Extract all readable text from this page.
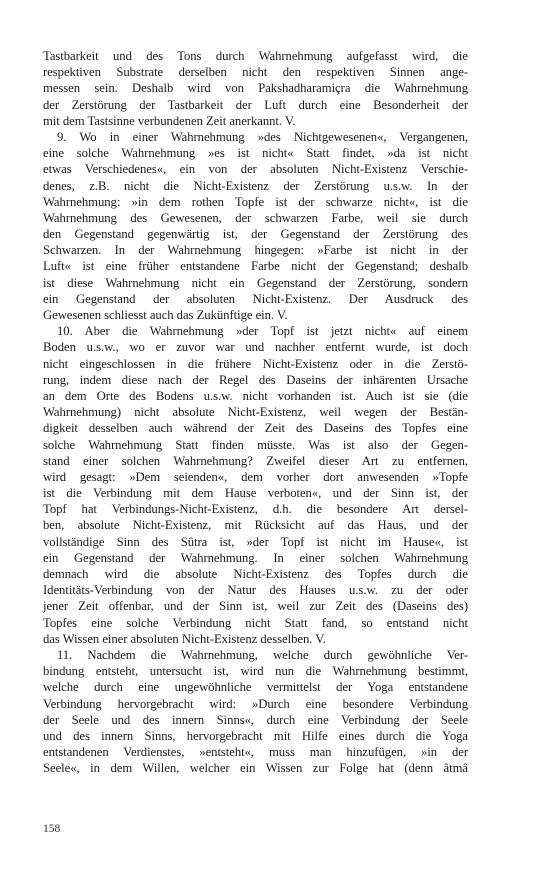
Tastbarkeit und des Tons durch Wahrnehmung aufgefasst wird, die
respektiven Substrate derselben nicht den respektiven Sinnen ange-
messen sein. Deshalb wird von Pakshadharamiçra die Wahrnehmung
der Zerstörung der Tastbarkeit der Luft durch eine Besonderheit der
mit dem Tastsinne verbundenen Zeit anerkannt. V.
9. Wo in einer Wahrnehmung »des Nichtgewesenen«, Vergangenen,
eine solche Wahrnehmung »es ist nicht« Statt findet, »da ist nicht
etwas Verschiedenes«, ein von der absoluten Nicht-Existenz Verschie-
denes, z.B. nicht die Nicht-Existenz der Zerstörung u.s.w. In der
Wahrnehmung: »in dem rothen Topfe ist der schwarze nicht«, ist die
Wahrnehmung des Gewesenen, der schwarzen Farbe, weil sie durch
den Gegenstand gegenwärtig ist, der Gegenstand der Zerstörung des
Schwarzen. In der Wahrnehmung hingegen: »Farbe ist nicht in der
Luft« ist eine früher entstandene Farbe nicht der Gegenstand; deshalb
ist diese Wahrnehmung nicht ein Gegenstand der Zerstörung, sondern
ein Gegenstand der absoluten Nicht-Existenz. Der Ausdruck des
Gewesenen schliesst auch das Zukünftige ein. V.
10. Aber die Wahrnehmung »der Topf ist jetzt nicht« auf einem
Boden u.s.w., wo er zuvor war und nachher entfernt wurde, ist doch
nicht eingeschlossen in die frühere Nicht-Existenz oder in die Zerstö-
rung, indem diese nach der Regel des Daseins der inhärenten Ursache
an dem Orte des Bodens u.s.w. nicht vorhanden ist. Auch ist sie (die
Wahrnehmung) nicht absolute Nicht-Existenz, weil wegen der Bestän-
digkeit desselben auch während der Zeit des Daseins des Topfes eine
solche Wahrnehmung Statt finden müsste. Was ist also der Gegen-
stand einer solchen Wahrnehmung? Zweifel dieser Art zu entfernen,
wird gesagt: »Dem seienden«, dem vorher dort anwesenden »Topfe
ist die Verbindung mit dem Hause verboten«, und der Sinn ist, der
Topf hat Verbindungs-Nicht-Existenz, d.h. die besondere Art dersel-
ben, absolute Nicht-Existenz, mit Rücksicht auf das Haus, und der
vollständige Sinn des Sûtra ist, »der Topf ist nicht im Hause«, ist
ein Gegenstand der Wahrnehmung. In einer solchen Wahrnehmung
demnach wird die absolute Nicht-Existenz des Topfes durch die
Identitäts-Verbindung von der Natur des Hauses u.s.w. zu der oder
jener Zeit offenbar, und der Sinn ist, weil zur Zeit des (Daseins des)
Topfes eine solche Verbindung nicht Statt fand, so entstand nicht
das Wissen einer absoluten Nicht-Existenz desselben. V.
11. Nachdem die Wahrnehmung, welche durch gewöhnliche Ver-
bindung entsteht, untersucht ist, wird nun die Wahrnehmung bestimmt,
welche durch eine ungewöhnliche vermittelst der Yoga entstandene
Verbindung hervorgebracht wird: »Durch eine besondere Verbindung
der Seele und des innern Sinns«, durch eine Verbindung der Seele
und des innern Sinns, hervorgebracht mit Hilfe eines durch die Yoga
entstandenen Verdienstes, »entsteht«, muss man hinzufügen, »in der
Seele«, in dem Willen, welcher ein Wissen zur Folge hat (denn âtmâ
158
